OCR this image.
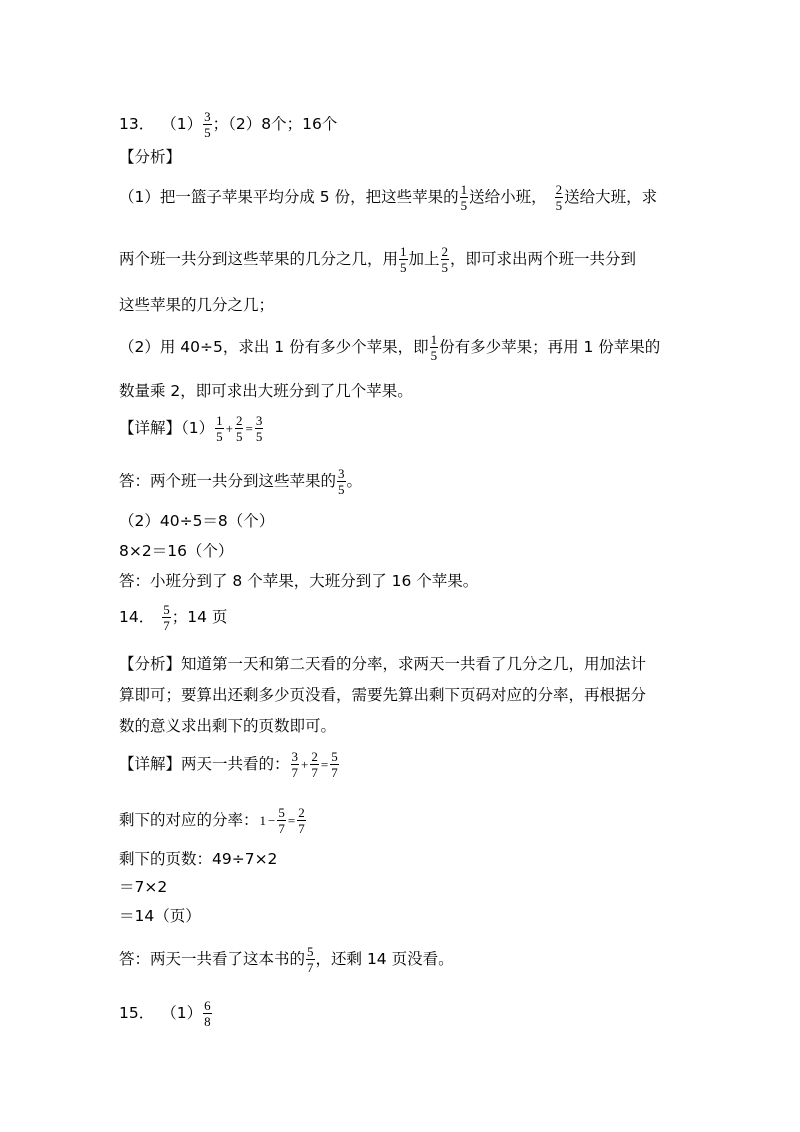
13． $(1) \frac{3}{5}$ ；（2）8个；16个
【分析】
（1）把一篮子苹果平均分成 5 份，把这些苹果的 $\frac{1}{5}$ 送给小班， $\frac{2}{5}$ 送给大班，求
两个班一共分到这些苹果的几分之几，用 $\frac{1}{5}$ 加上 $\frac{2}{5}$ ，即可求出两个班一共分到
这些苹果的几分之几；
（2）用 40÷5，求出 1 份有多少个苹果，即 $\frac{1}{5}$ 份有多少苹果；再用 1 份苹果的
数量乘 2，即可求出大班分到了几个苹果。
【详解】$(1) \frac{1}{5} + \frac{2}{5} = \frac{3}{5}$
答：两个班一共分到这些苹果的 $\frac{3}{5}$ 。
（2）40÷5＝8（个）
8×2＝16（个）
答：小班分到了 8 个苹果，大班分到了 16 个苹果。
14． $\frac{5}{7}$ ；14 页
【分析】知道第一天和第二天看的分率，求两天一共看了几分之几，用加法计
算即可；要算出还剩多少页没看，需要先算出剩下页码对应的分率，再根据分
数的意义求出剩下的页数即可。
【详解】两天一共看的： $\frac{3}{7} + \frac{2}{7} = \frac{5}{7}$
剩下的对应的分率：$1 - \frac{5}{7} = \frac{2}{7}$
剩下的页数：49÷7×2
＝7×2
＝14（页）
答：两天一共看了这本书的 $\frac{5}{7}$ ，还剩 14 页没看。
15． $(1) \frac{6}{8}$
